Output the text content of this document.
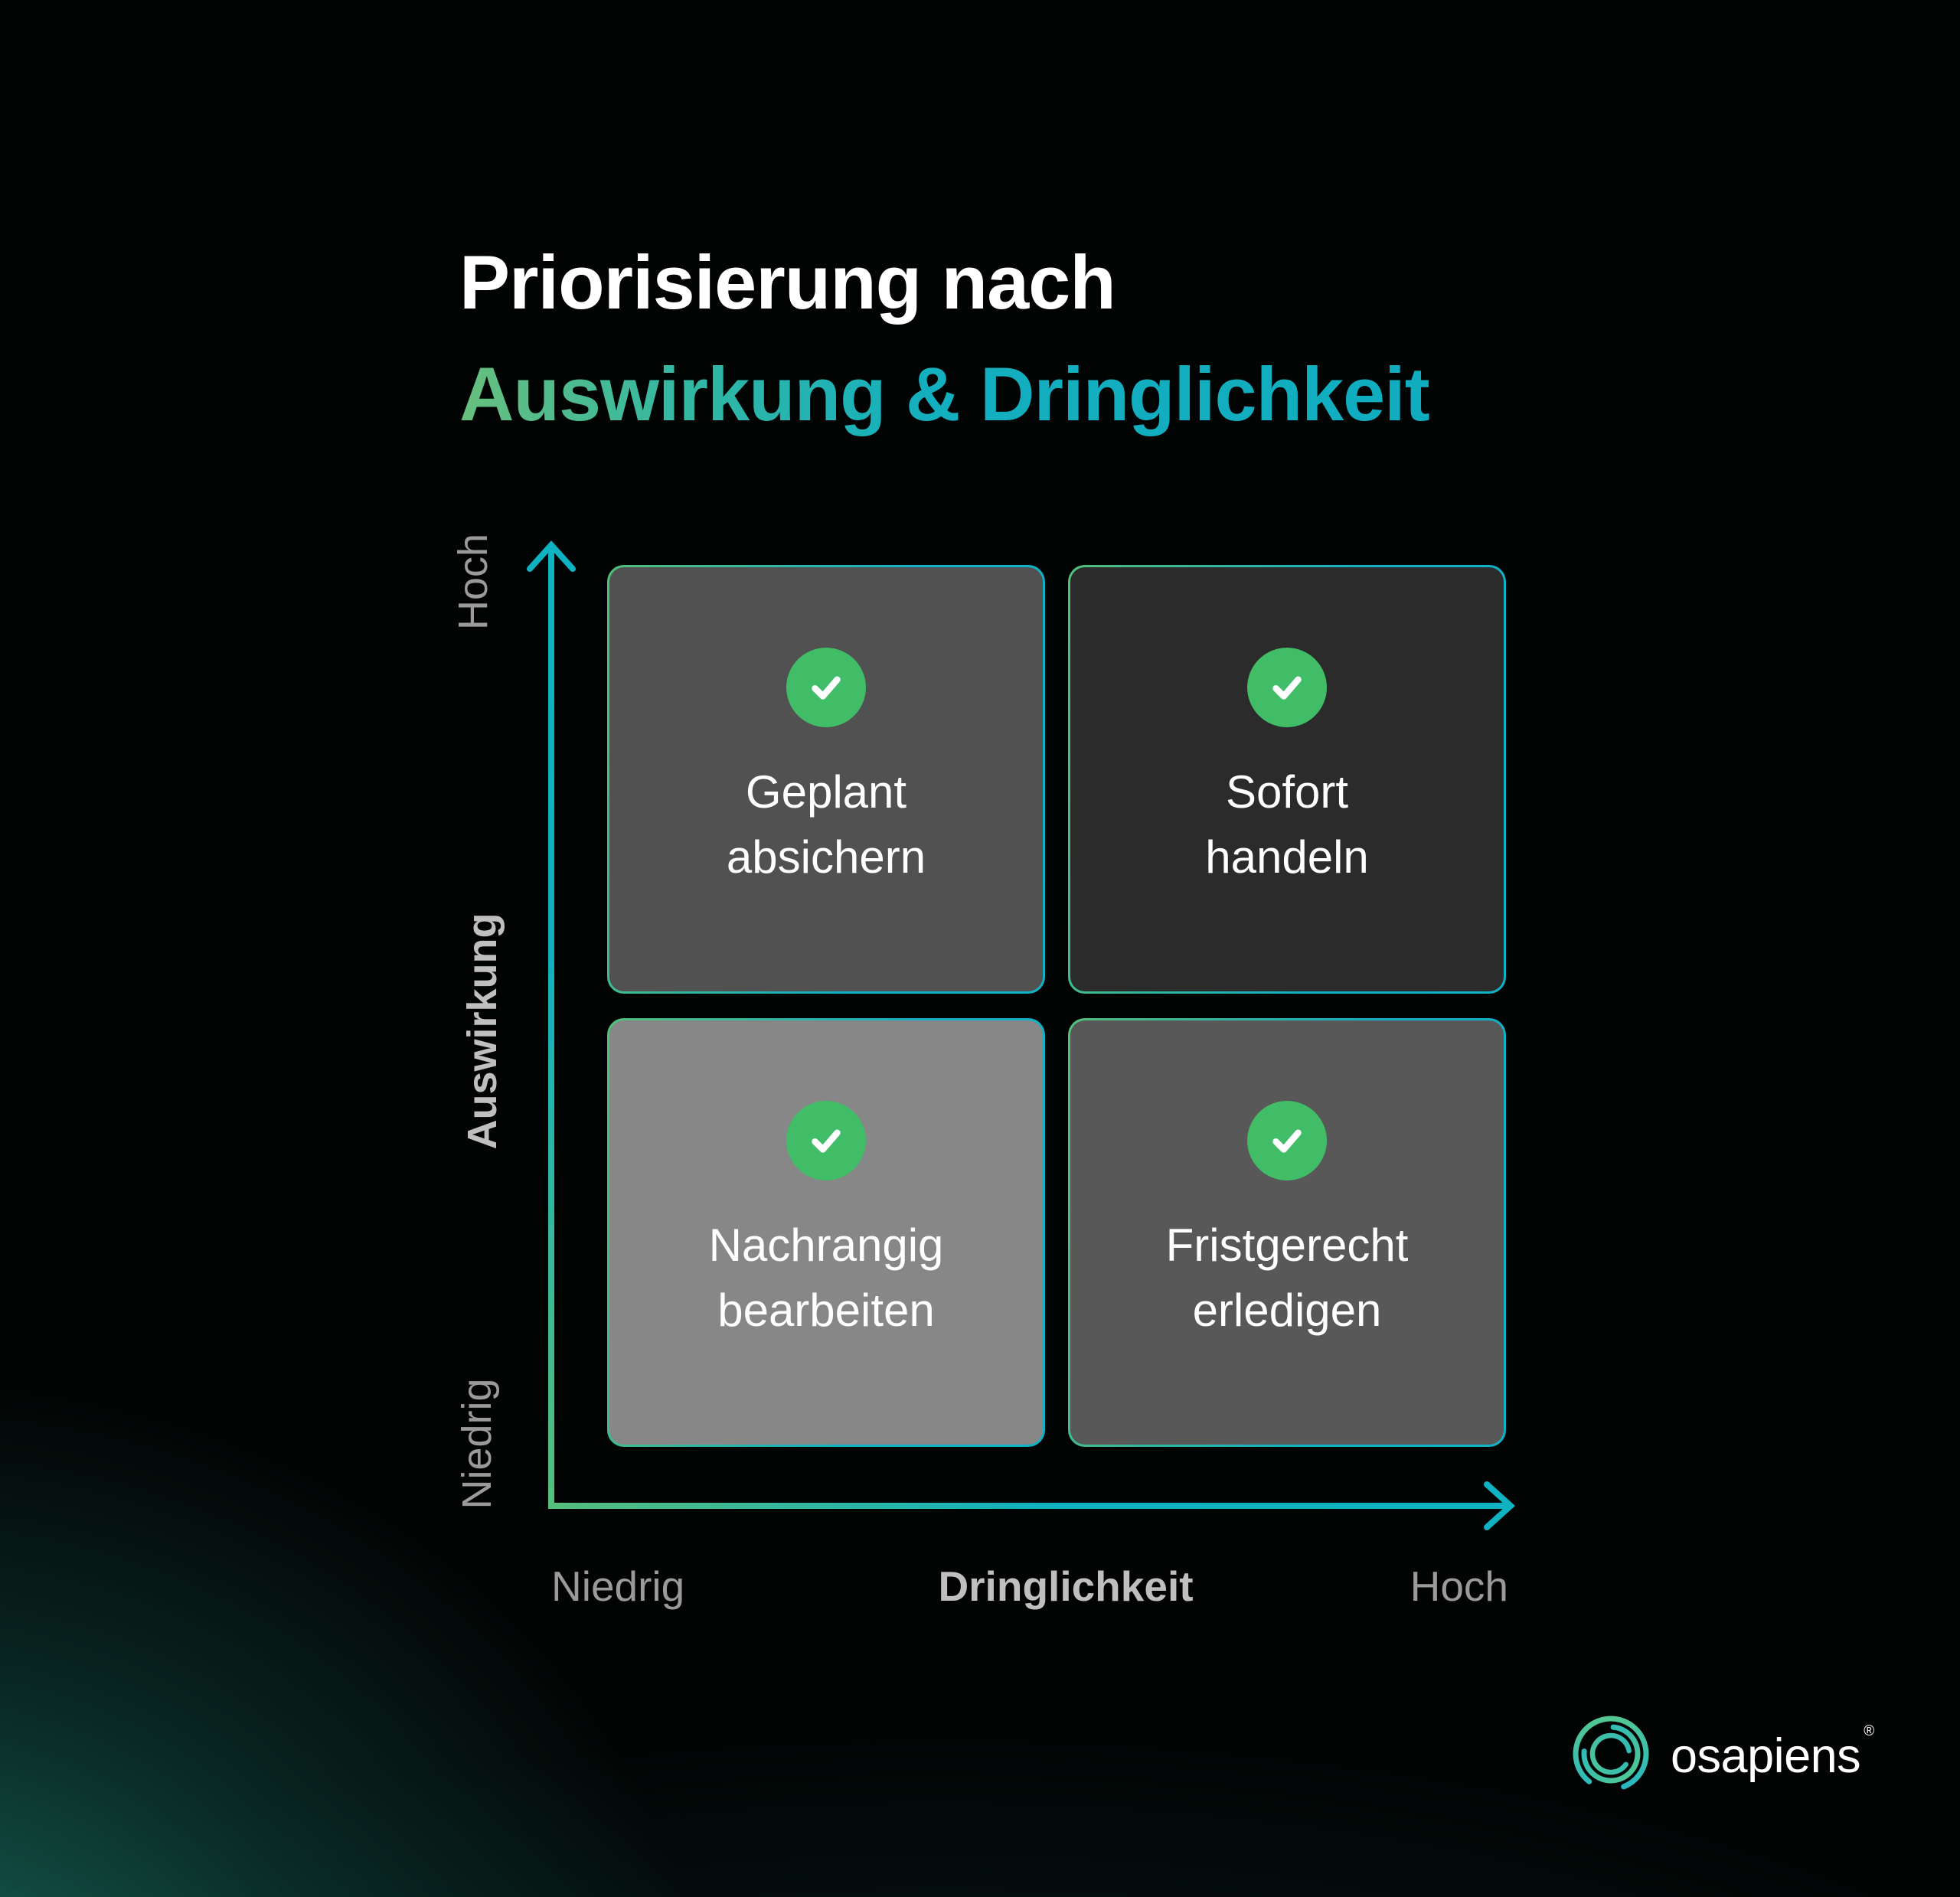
Priorisierung nach
Auswirkung & Dringlichkeit
Hoch
Auswirkung
Niedrig
Niedrig	Dringlichkeit	Hoch
Geplant
absichern
Sofort
handeln
Nachrangig
bearbeiten
Fristgerecht
erledigen
osapiens ®
